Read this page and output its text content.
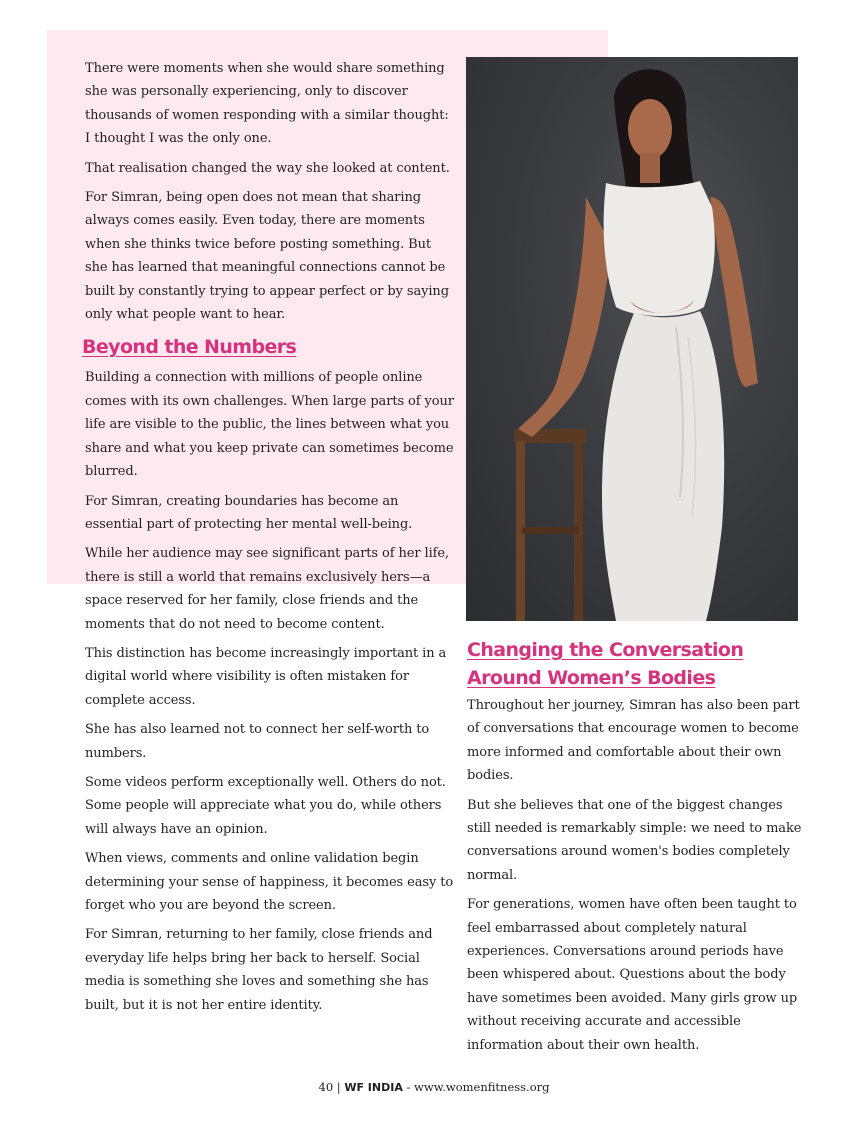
There were moments when she would share something she was personally experiencing, only to discover thousands of women responding with a similar thought: I thought I was the only one.

That realisation changed the way she looked at content.

For Simran, being open does not mean that sharing always comes easily. Even today, there are moments when she thinks twice before posting something. But she has learned that meaningful connections cannot be built by constantly trying to appear perfect or by saying only what people want to hear.

Beyond the Numbers

Building a connection with millions of people online comes with its own challenges. When large parts of your life are visible to the public, the lines between what you share and what you keep private can sometimes become blurred.

For Simran, creating boundaries has become an essential part of protecting her mental well-being.

While her audience may see significant parts of her life, there is still a world that remains exclusively hers—a space reserved for her family, close friends and the moments that do not need to become content.

This distinction has become increasingly important in a digital world where visibility is often mistaken for complete access.

She has also learned not to connect her self-worth to numbers.

Some videos perform exceptionally well. Others do not. Some people will appreciate what you do, while others will always have an opinion.

When views, comments and online validation begin determining your sense of happiness, it becomes easy to forget who you are beyond the screen.

For Simran, returning to her family, close friends and everyday life helps bring her back to herself. Social media is something she loves and something she has built, but it is not her entire identity.

Changing the Conversation
Around Women’s Bodies

Throughout her journey, Simran has also been part of conversations that encourage women to become more informed and comfortable about their own bodies.

But she believes that one of the biggest changes still needed is remarkably simple: we need to make conversations around women's bodies completely normal.

For generations, women have often been taught to feel embarrassed about completely natural experiences. Conversations around periods have been whispered about. Questions about the body have sometimes been avoided. Many girls grow up without receiving accurate and accessible information about their own health.

40 | WF INDIA - www.womenfitness.org
